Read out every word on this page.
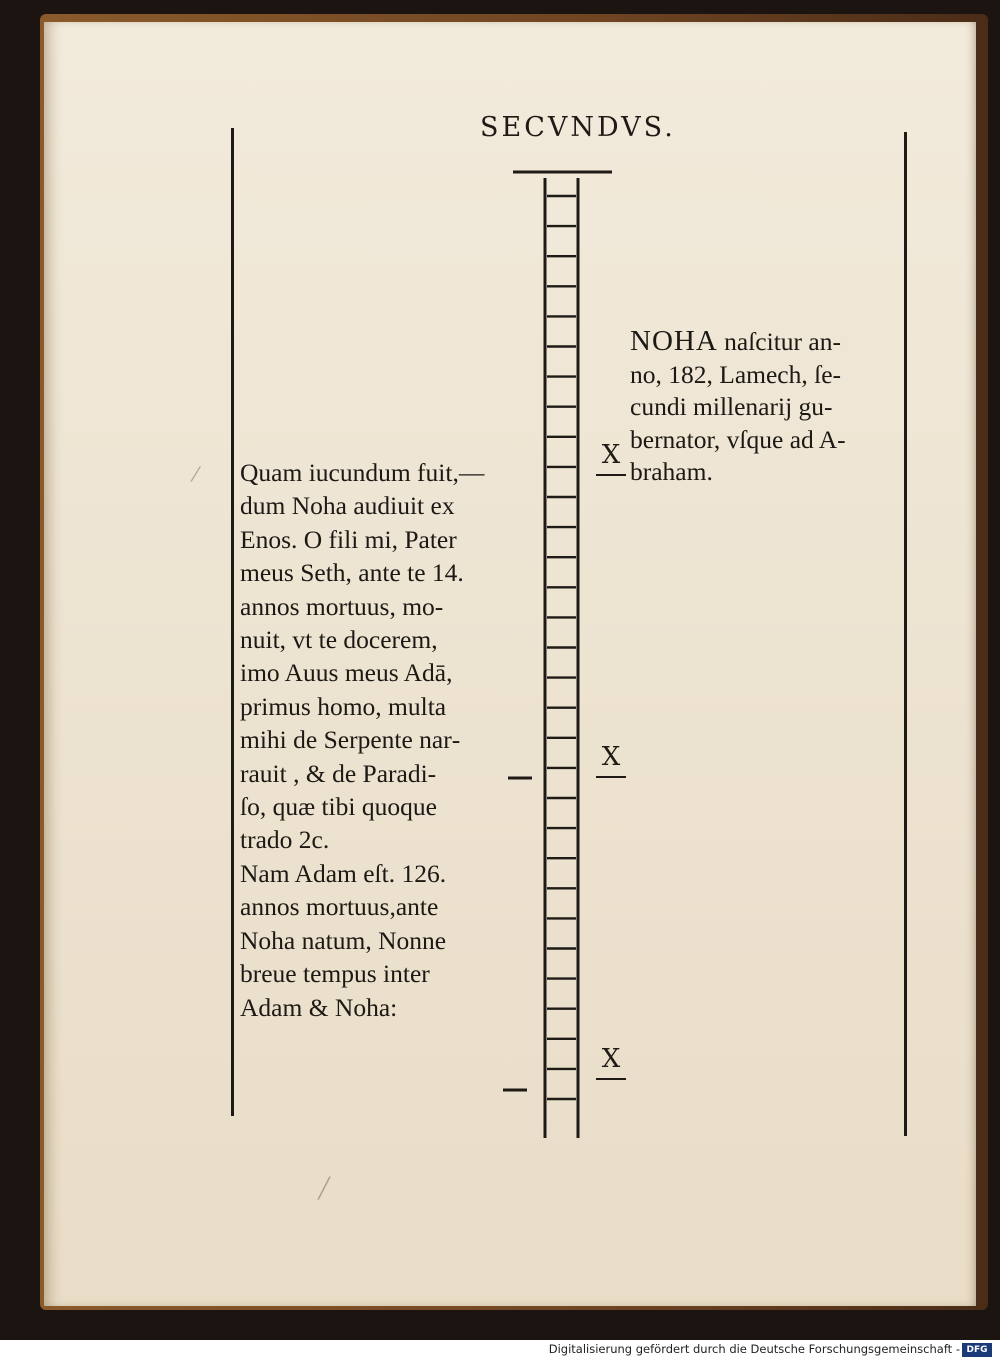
SECVNDVS.
X
X
X
NOHA naſcitur an‑
no, 182, Lamech, ſe‑
cundi millenarij gu‑
bernator, vſque ad A‑
braham.
Quam iucundum fuit,—
dum Noha audiuit ex
Enos. O fili mi, Pater
meus Seth, ante te 14.
annos mortuus, mo‑
nuit, vt te docerem,
imo Auus meus Adā,
primus homo, multa
mihi de Serpente nar‑
rauit , & de Paradi‑
ſo, quæ tibi quoque
trado 2c.
Nam Adam eſt. 126.
annos mortuus,ante
Noha natum, Nonne
breue tempus inter
Adam & Noha:
⁄
╱
Digitalisierung gefördert durch die Deutsche Forschungsgemeinschaft - DFG
